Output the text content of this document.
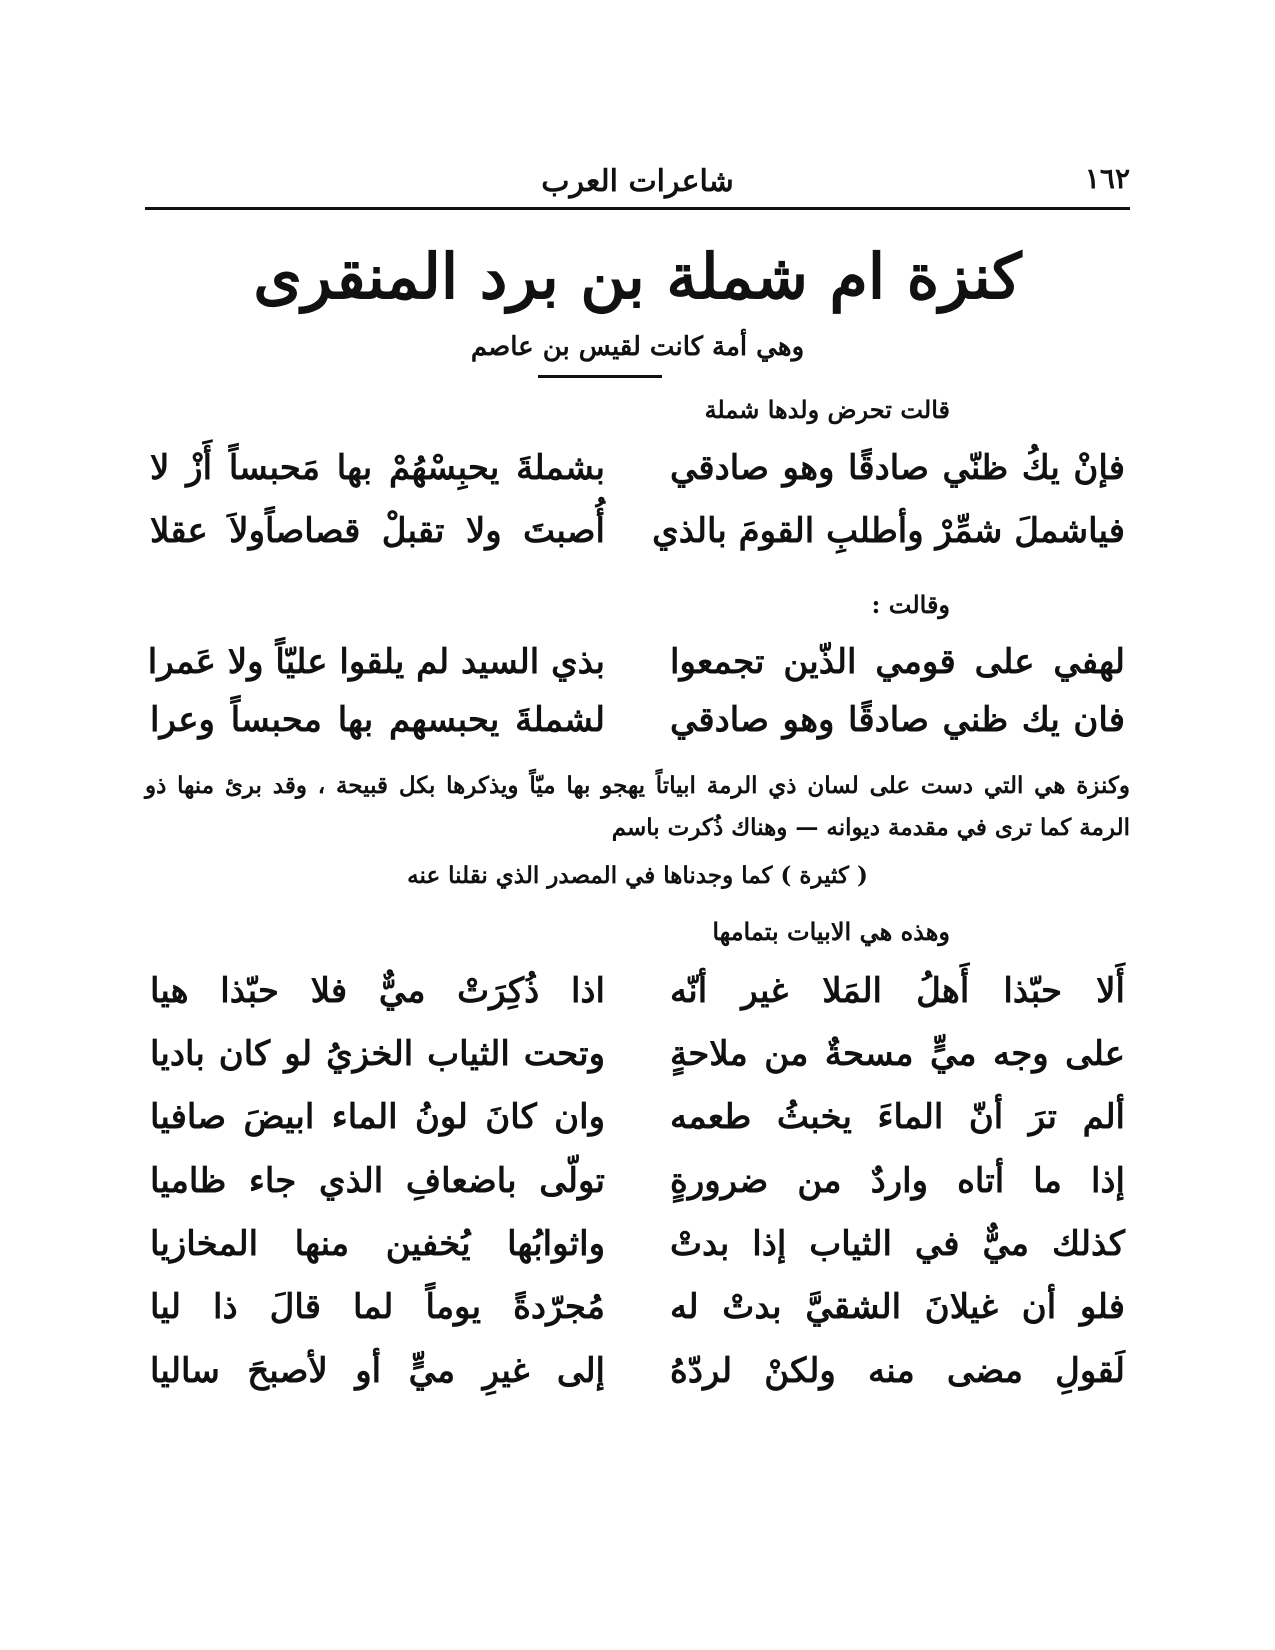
١٦٢
شاعرات العرب
كنزة ام شملة بن برد المنقرى
وهي أمة كانت لقيس بن عاصم
قالت تحرض ولدها شملة
فإنْ يكُ ظنّي صادقًا وهو صادقي
بشملةَ يحبِسْهُمْ بها مَحبساً أَزْ لا
فياشملَ شمِّرْ وأطلبِ القومَ بالذي
أُصبتَ ولا تقبلْ قصاصاًولاَ عقلا
وقالت :
لهفي على قومي الذّين تجمعوا
بذي السيد لم يلقوا عليّاً ولا عَمرا
فان يك ظني صادقًا وهو صادقي
لشملةَ يحبسهم بها محبساً وعرا
وكنزة هي التي دست على لسان ذي الرمة ابياتاً يهجو بها ميّاً ويذكرها بكل قبيحة ، وقد برئ منها ذو الرمة كما ترى في مقدمة ديوانه — وهناك ذُكرت باسم
( كثيرة ) كما وجدناها في المصدر الذي نقلنا عنه
وهذه هي الابيات بتمامها
أَلا حبّذا أَهلُ المَلا غير أنّه
اذا ذُكِرَتْ ميٌّ فلا حبّذا هيا
على وجه ميٍّ مسحةٌ من ملاحةٍ
وتحت الثياب الخزيُ لو كان باديا
ألم ترَ أنّ الماءَ يخبثُ طعمه
وان كانَ لونُ الماء ابيضَ صافيا
إذا ما أتاه واردٌ من ضرورةٍ
تولّى باضعافِ الذي جاء ظاميا
كذلك ميٌّ في الثياب إذا بدتْ
واثوابُها يُخفين منها المخازيا
فلو أن غيلانَ الشقيَّ بدتْ له
مُجرّدةً يوماً لما قالَ ذا ليا
لَقولِ مضى منه ولكنْ لردّهُ
إلى غيرِ ميٍّ أو لأصبحَ ساليا
